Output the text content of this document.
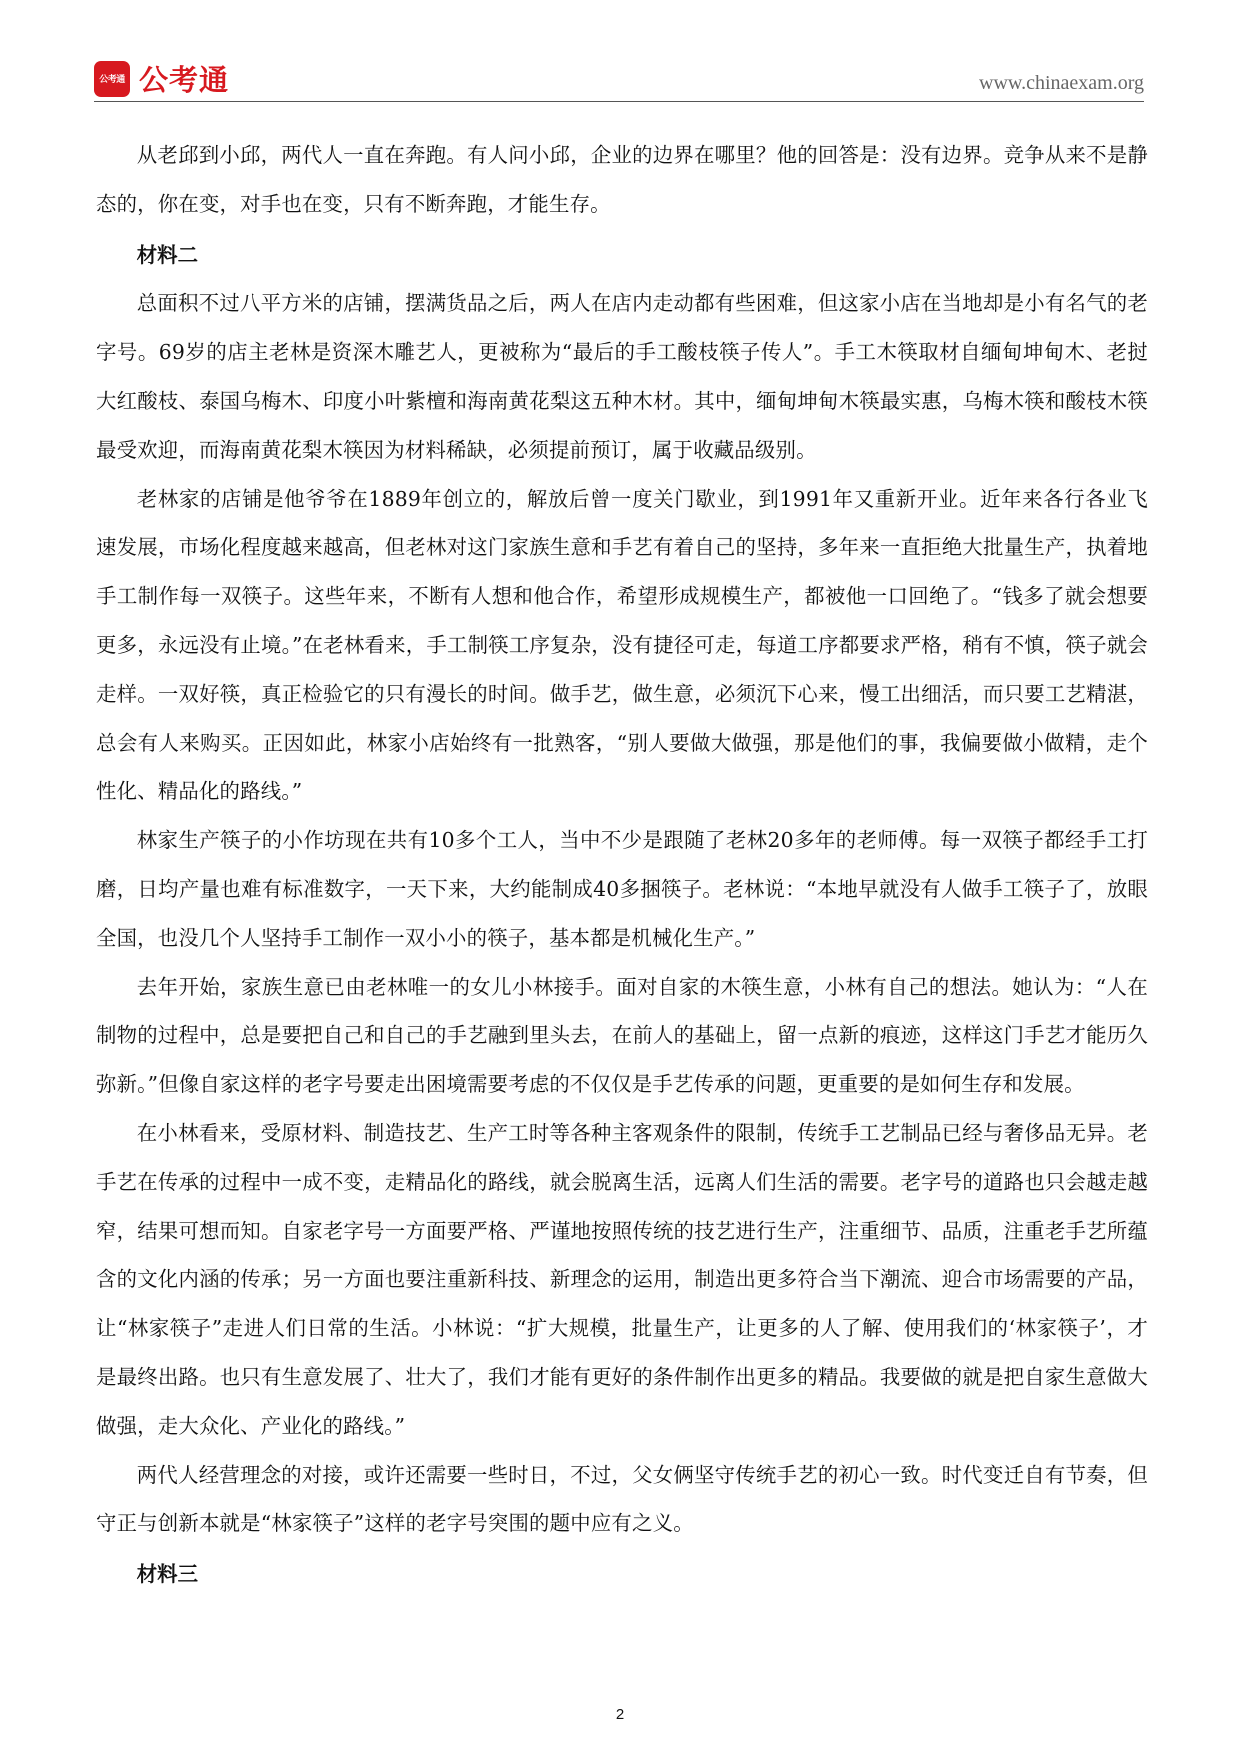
公考通 公考通	www.chinaexam.org

从老邱到小邱，两代人一直在奔跑。有人问小邱，企业的边界在哪里？他的回答是：没有边界。竞争从来不是静态的，你在变，对手也在变，只有不断奔跑，才能生存。

材料二

总面积不过八平方米的店铺，摆满货品之后，两人在店内走动都有些困难，但这家小店在当地却是小有名气的老字号。69岁的店主老林是资深木雕艺人，更被称为“最后的手工酸枝筷子传人”。手工木筷取材自缅甸坤甸木、老挝大红酸枝、泰国乌梅木、印度小叶紫檀和海南黄花梨这五种木材。其中，缅甸坤甸木筷最实惠，乌梅木筷和酸枝木筷最受欢迎，而海南黄花梨木筷因为材料稀缺，必须提前预订，属于收藏品级别。

老林家的店铺是他爷爷在1889年创立的，解放后曾一度关门歇业，到1991年又重新开业。近年来各行各业飞速发展，市场化程度越来越高，但老林对这门家族生意和手艺有着自己的坚持，多年来一直拒绝大批量生产，执着地手工制作每一双筷子。这些年来，不断有人想和他合作，希望形成规模生产，都被他一口回绝了。“钱多了就会想要更多，永远没有止境。”在老林看来，手工制筷工序复杂，没有捷径可走，每道工序都要求严格，稍有不慎，筷子就会走样。一双好筷，真正检验它的只有漫长的时间。做手艺，做生意，必须沉下心来，慢工出细活，而只要工艺精湛，总会有人来购买。正因如此，林家小店始终有一批熟客，“别人要做大做强，那是他们的事，我偏要做小做精，走个性化、精品化的路线。”

林家生产筷子的小作坊现在共有10多个工人，当中不少是跟随了老林20多年的老师傅。每一双筷子都经手工打磨，日均产量也难有标准数字，一天下来，大约能制成40多捆筷子。老林说：“本地早就没有人做手工筷子了，放眼全国，也没几个人坚持手工制作一双小小的筷子，基本都是机械化生产。”

去年开始，家族生意已由老林唯一的女儿小林接手。面对自家的木筷生意，小林有自己的想法。她认为：“人在制物的过程中，总是要把自己和自己的手艺融到里头去，在前人的基础上，留一点新的痕迹，这样这门手艺才能历久弥新。”但像自家这样的老字号要走出困境需要考虑的不仅仅是手艺传承的问题，更重要的是如何生存和发展。

在小林看来，受原材料、制造技艺、生产工时等各种主客观条件的限制，传统手工艺制品已经与奢侈品无异。老手艺在传承的过程中一成不变，走精品化的路线，就会脱离生活，远离人们生活的需要。老字号的道路也只会越走越窄，结果可想而知。自家老字号一方面要严格、严谨地按照传统的技艺进行生产，注重细节、品质，注重老手艺所蕴含的文化内涵的传承；另一方面也要注重新科技、新理念的运用，制造出更多符合当下潮流、迎合市场需要的产品，让“林家筷子”走进人们日常的生活。小林说：“扩大规模，批量生产，让更多的人了解、使用我们的‘林家筷子’，才是最终出路。也只有生意发展了、壮大了，我们才能有更好的条件制作出更多的精品。我要做的就是把自家生意做大做强，走大众化、产业化的路线。”

两代人经营理念的对接，或许还需要一些时日，不过，父女俩坚守传统手艺的初心一致。时代变迁自有节奏，但守正与创新本就是“林家筷子”这样的老字号突围的题中应有之义。

材料三

2
